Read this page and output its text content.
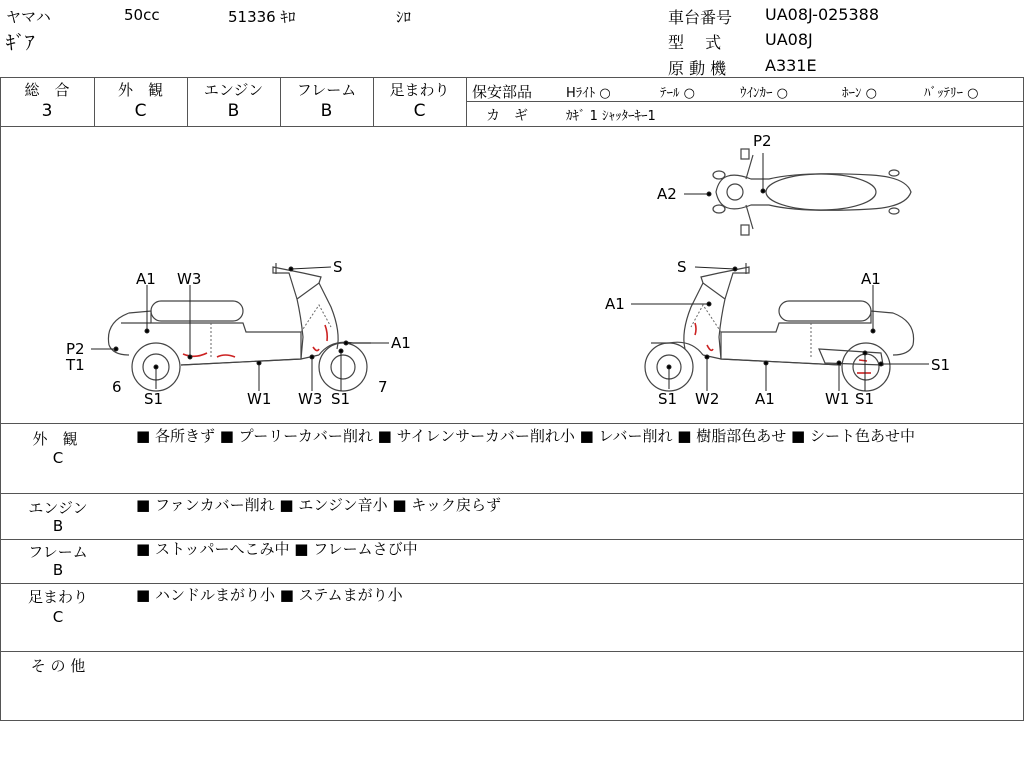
ヤマハ	50cc	51336 ｷﾛ	ｼﾛ
ｷﾞｱ
車台番号 UA08J-025388
型　 式	UA08J
原 動 機 A331E
総　合
3
外　観
C
エンジン
B
フレーム
B
足まわり
C
保安部品	Hﾗｲﾄ ○	ﾃｰﾙ ○	ｳｲﾝｶｰ ○	ﾎｰﾝ ○	ﾊﾞｯﾃﾘｰ ○
カ　ギ	ｶｷﾞ 1 ｼｬｯﾀｰｷｰ1
A1 W3
P2
T1
6
S1	W1 W3 S1
7
S
A1
S
A1
A1
S1
S1 W2 A1	W1 S1
P2
A2
外　観
C
■ 各所きず ■ プーリーカバー削れ ■ サイレンサーカバー削れ小 ■ レバー削れ ■ 樹脂部色あせ ■ シート色あせ中
エンジン
B
■ ファンカバー削れ ■ エンジン音小 ■ キック戻らず
フレーム
B
■ ストッパーへこみ中 ■ フレームさび中
足まわり
C
■ ハンドルまがり小 ■ ステムまがり小
そ の 他
